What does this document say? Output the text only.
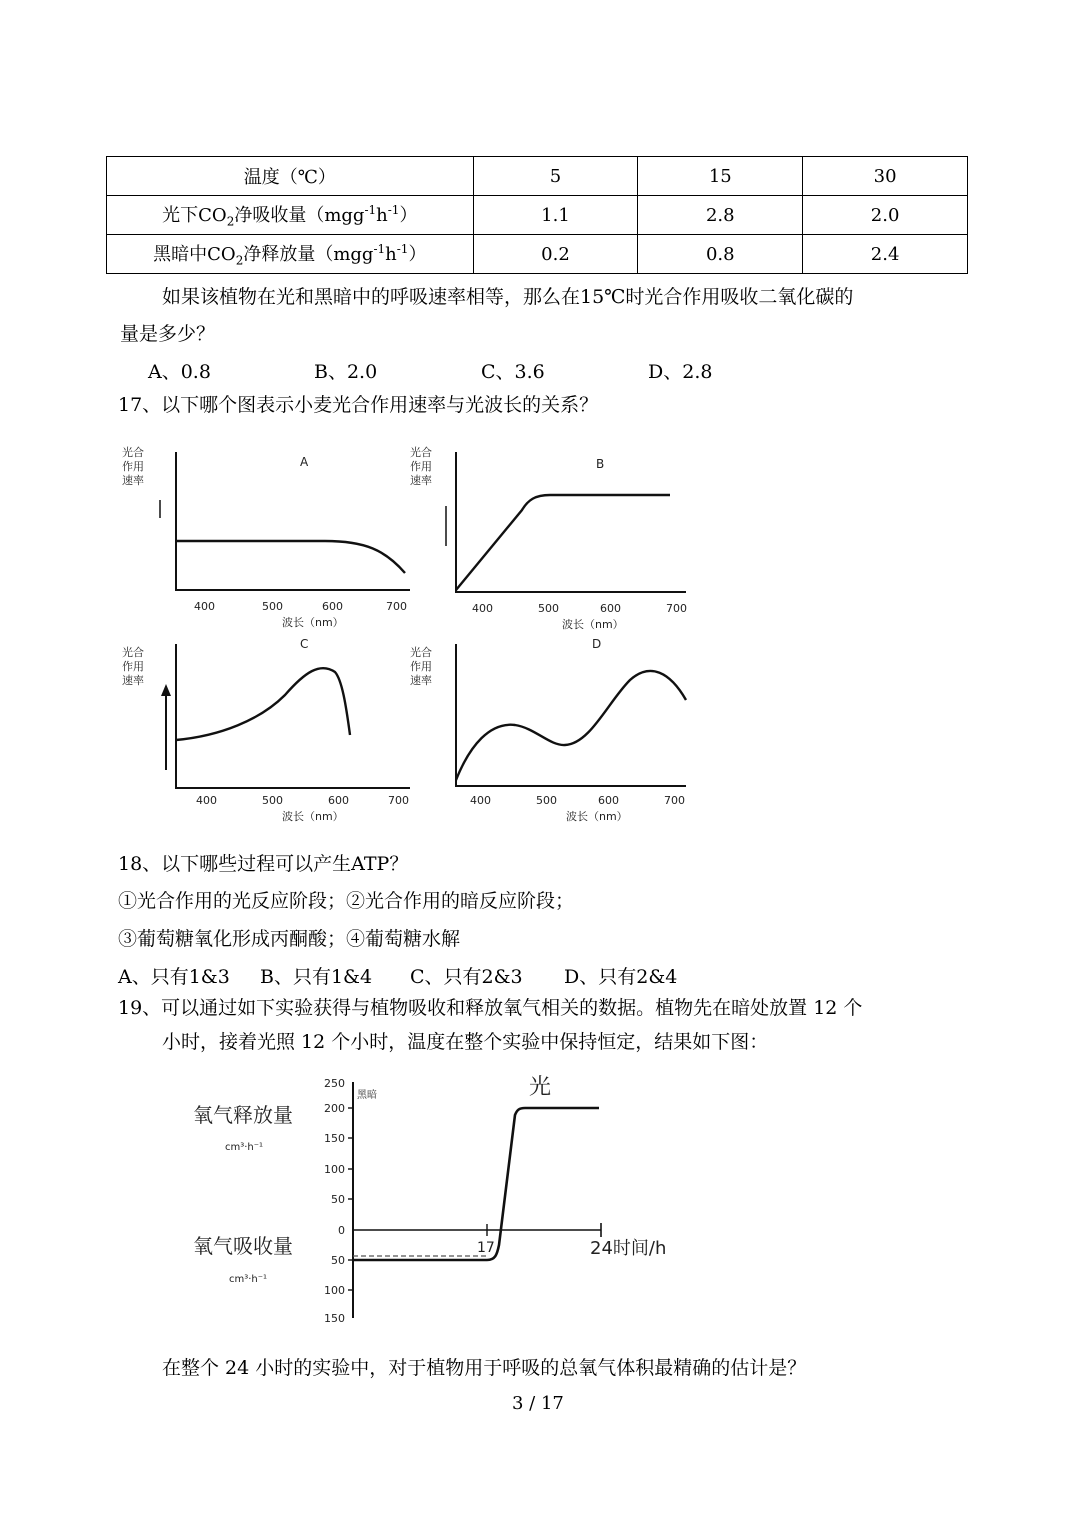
温度（℃）	5	15	30
光下$CO_2$净吸收量$(mgg^{-1}h^{-1})$	1.1	2.8	2.0
黑暗中$CO_2$净释放量$(mgg^{-1}h^{-1})$	0.2	0.8	2.4
如果该植物在光和黑暗中的呼吸速率相等，那么在15℃时光合作用吸收二氧化碳的
量是多少？
A、0.8	B、2.0	C、3.6	D、2.8
17、以下哪个图表示小麦光合作用速率与光波长的关系？
光合
作用
速率
A
400	500	600	700
波长（nm）
光合
作用
速率
B
400	500	600	700
波长（nm）
光合
作用
速率
C
400	500	600	700
波长（nm）
光合
作用
速率
D
400	500	600	700
波长（nm）
18、以下哪些过程可以产生ATP？
①光合作用的光反应阶段；②光合作用的暗反应阶段；
③葡萄糖氧化形成丙酮酸；④葡萄糖水解
A、只有1&3 B、只有1&4 C、只有2&3 D、只有2&4
19、可以通过如下实验获得与植物吸收和释放氧气相关的数据。植物先在暗处放置 12 个
小时，接着光照 12 个小时，温度在整个实验中保持恒定，结果如下图：
氧气释放量
cm³·h⁻¹
氧气吸收量
cm³·h⁻¹
250
200
150
100
50
0
50
100
150
黑暗	光
17	24时间/h
在整个 24 小时的实验中，对于植物用于呼吸的总氧气体积最精确的估计是？
3 / 17
